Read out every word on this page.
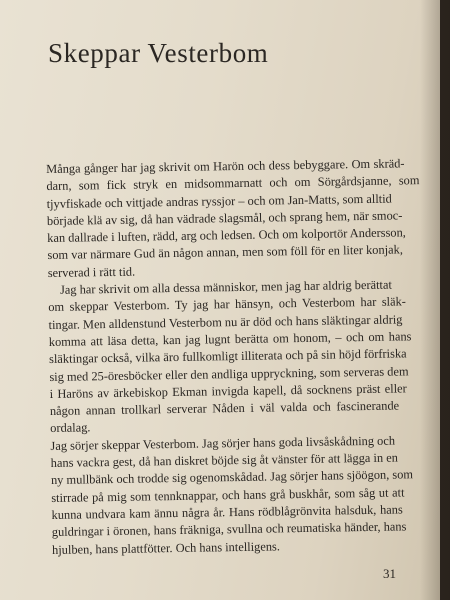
Skeppar Vesterbom

Många gånger har jag skrivit om Harön och dess bebyggare. Om skräd-
darn, som fick stryk en midsommarnatt och om Sörgårdsjanne, som
tjyvfiskade och vittjade andras ryssjor – och om Jan-Matts, som alltid
började klä av sig, då han vädrade slagsmål, och sprang hem, när smoc-
kan dallrade i luften, rädd, arg och ledsen. Och om kolportör Andersson,
som var närmare Gud än någon annan, men som föll för en liter konjak,
serverad i rätt tid.

Jag har skrivit om alla dessa människor, men jag har aldrig berättat
om skeppar Vesterbom. Ty jag har hänsyn, och Vesterbom har släk-
tingar. Men alldenstund Vesterbom nu är död och hans släktingar aldrig
komma att läsa detta, kan jag lugnt berätta om honom, – och om hans
släktingar också, vilka äro fullkomligt illiterata och på sin höjd förfriska
sig med 25-öresböcker eller den andliga uppryckning, som serveras dem
i Haröns av ärkebiskop Ekman invigda kapell, då socknens präst eller
någon annan trollkarl serverar Nåden i väl valda och fascinerande
ordalag.

Jag sörjer skeppar Vesterbom. Jag sörjer hans goda livsåskådning och
hans vackra gest, då han diskret böjde sig åt vänster för att lägga in en
ny mullbänk och trodde sig ogenomskådad. Jag sörjer hans sjöögon, som
stirrade på mig som tennknappar, och hans grå buskhår, som såg ut att
kunna undvara kam ännu några år. Hans rödblågrönvita halsduk, hans
guldringar i öronen, hans fräkniga, svullna och reumatiska händer, hans
hjulben, hans plattfötter. Och hans intelligens.

31
